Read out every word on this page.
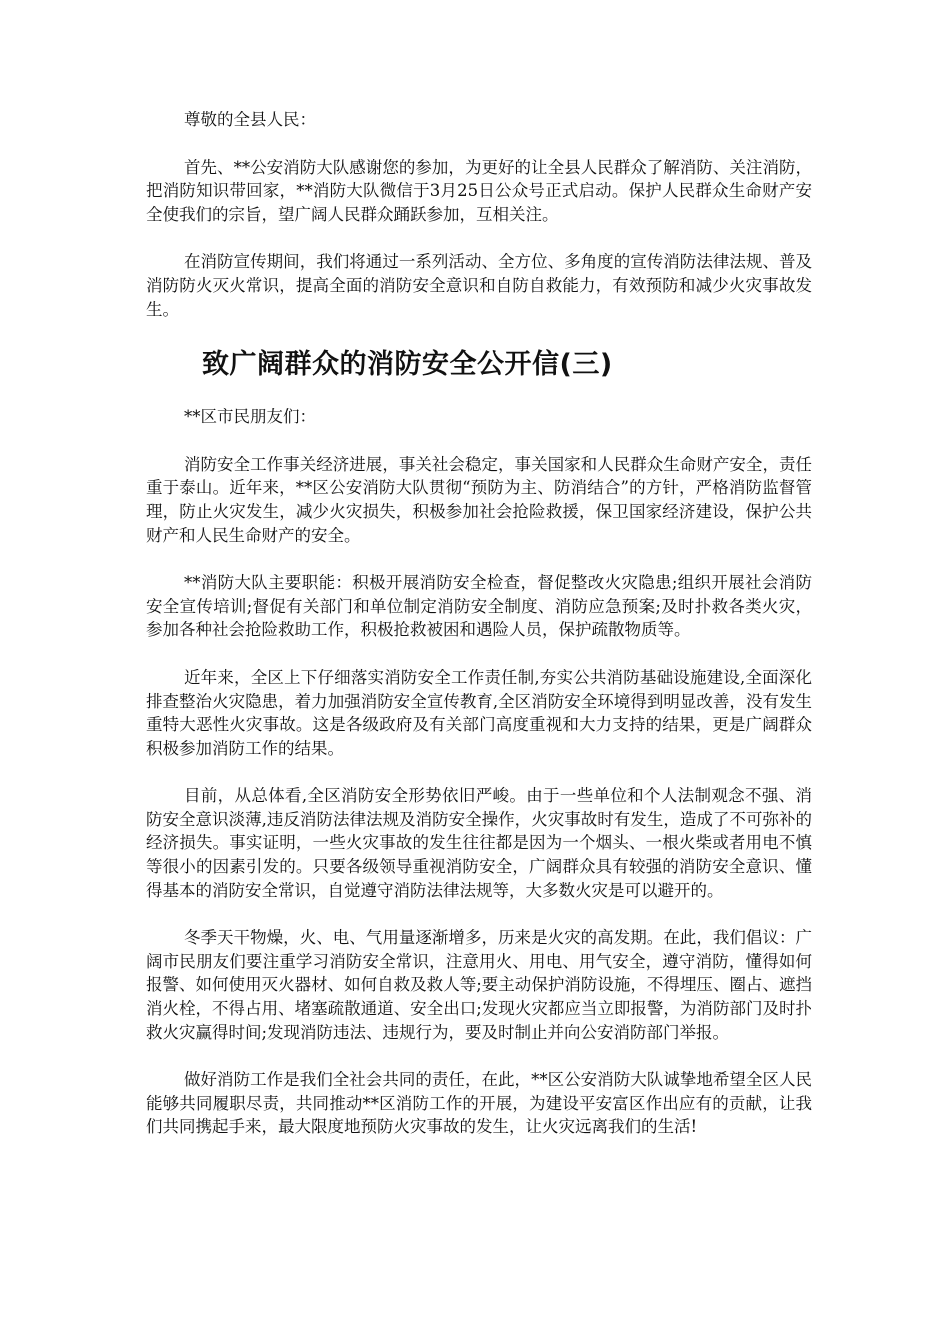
尊敬的全县人民：

首先、**公安消防大队感谢您的参加，为更好的让全县人民群众了解消防、关注消防，把消防知识带回家，**消防大队微信于3月25日公众号正式启动。保护人民群众生命财产安全使我们的宗旨，望广阔人民群众踊跃参加，互相关注。

在消防宣传期间，我们将通过一系列活动、全方位、多角度的宣传消防法律法规、普及消防防火灭火常识，提高全面的消防安全意识和自防自救能力，有效预防和减少火灾事故发生。

致广阔群众的消防安全公开信(三)

**区市民朋友们：

消防安全工作事关经济进展，事关社会稳定，事关国家和人民群众生命财产安全，责任重于泰山。近年来，**区公安消防大队贯彻“预防为主、防消结合”的方针，严格消防监督管理，防止火灾发生，减少火灾损失，积极参加社会抢险救援，保卫国家经济建设，保护公共财产和人民生命财产的安全。

**消防大队主要职能：积极开展消防安全检查，督促整改火灾隐患;组织开展社会消防安全宣传培训;督促有关部门和单位制定消防安全制度、消防应急预案;及时扑救各类火灾，参加各种社会抢险救助工作，积极抢救被困和遇险人员，保护疏散物质等。

近年来，全区上下仔细落实消防安全工作责任制,夯实公共消防基础设施建设,全面深化排查整治火灾隐患，着力加强消防安全宣传教育,全区消防安全环境得到明显改善，没有发生重特大恶性火灾事故。这是各级政府及有关部门高度重视和大力支持的结果，更是广阔群众积极参加消防工作的结果。

目前，从总体看,全区消防安全形势依旧严峻。由于一些单位和个人法制观念不强、消防安全意识淡薄,违反消防法律法规及消防安全操作，火灾事故时有发生，造成了不可弥补的经济损失。事实证明，一些火灾事故的发生往往都是因为一个烟头、一根火柴或者用电不慎等很小的因素引发的。只要各级领导重视消防安全，广阔群众具有较强的消防安全意识、懂得基本的消防安全常识，自觉遵守消防法律法规等，大多数火灾是可以避开的。

冬季天干物燥，火、电、气用量逐渐增多，历来是火灾的高发期。在此，我们倡议：广阔市民朋友们要注重学习消防安全常识，注意用火、用电、用气安全，遵守消防，懂得如何报警、如何使用灭火器材、如何自救及救人等;要主动保护消防设施，不得埋压、圈占、遮挡消火栓，不得占用、堵塞疏散通道、安全出口;发现火灾都应当立即报警，为消防部门及时扑救火灾赢得时间;发现消防违法、违规行为，要及时制止并向公安消防部门举报。

做好消防工作是我们全社会共同的责任，在此，**区公安消防大队诚挚地希望全区人民能够共同履职尽责，共同推动**区消防工作的开展，为建设平安富区作出应有的贡献，让我们共同携起手来，最大限度地预防火灾事故的发生，让火灾远离我们的生活!
